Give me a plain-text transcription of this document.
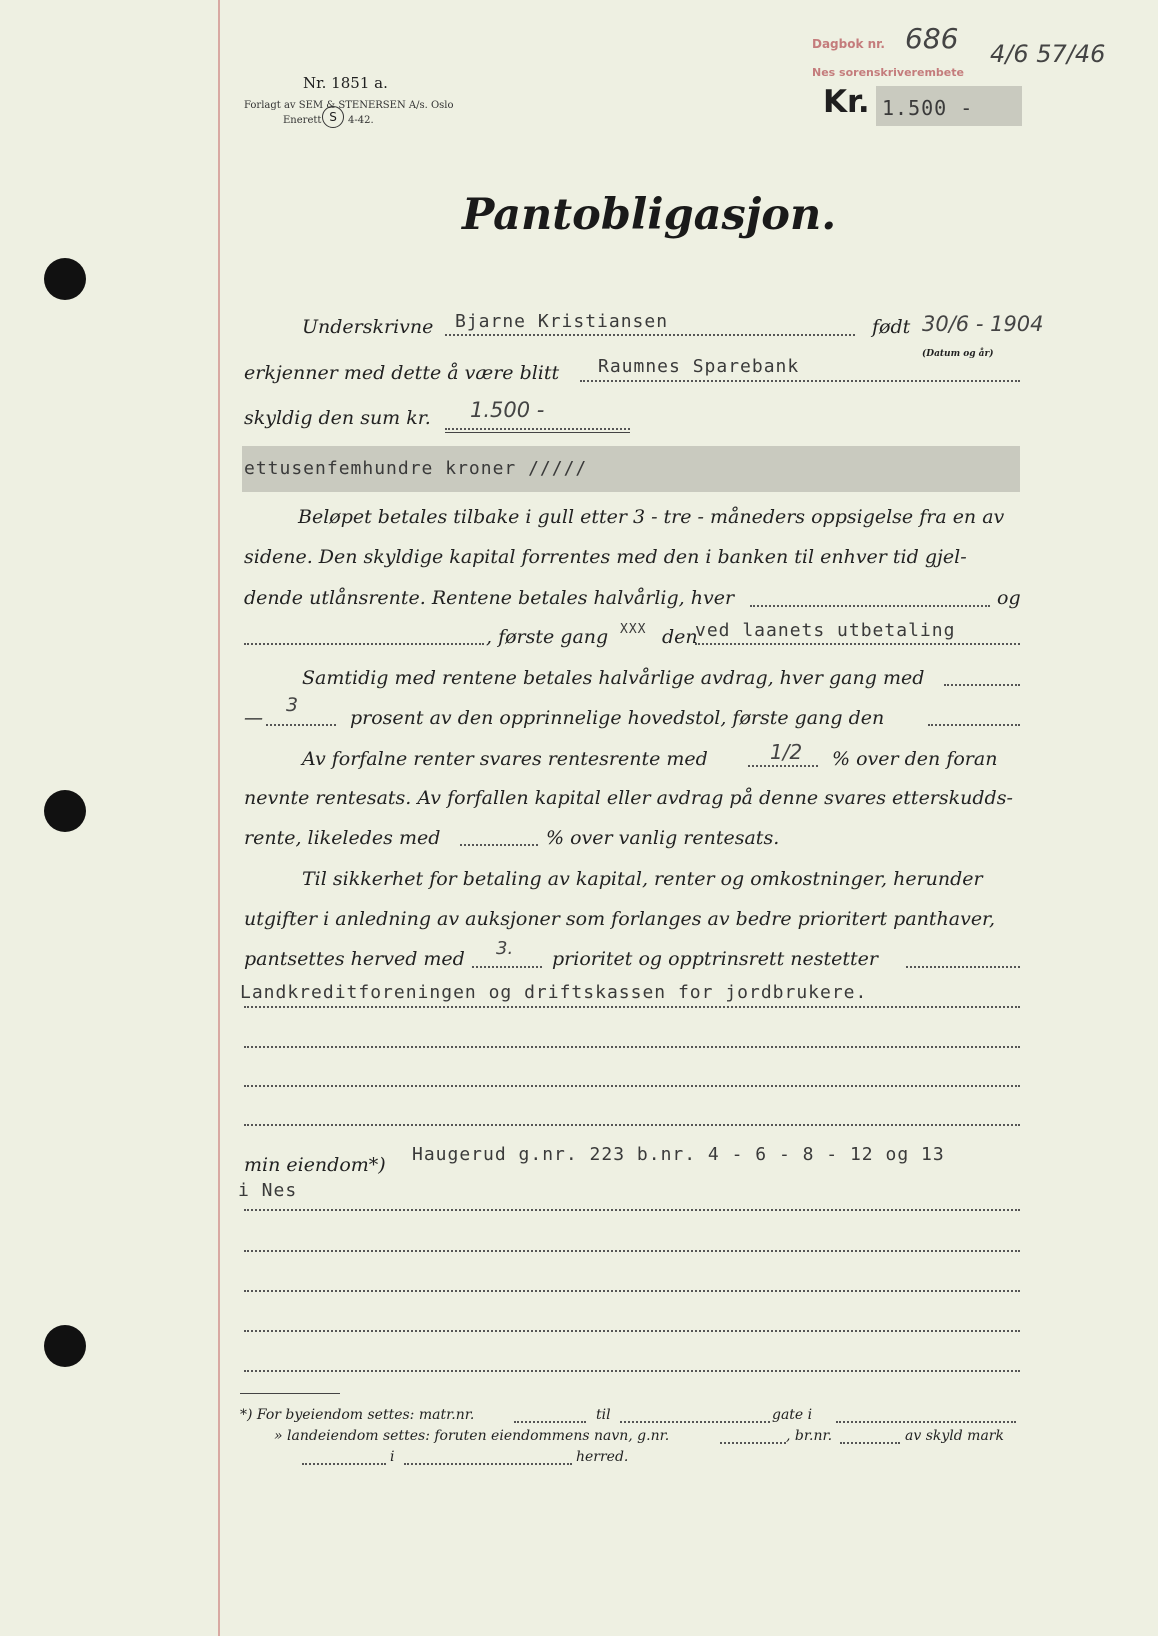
Nr. 1851 a.
Forlagt av SEM & STENERSEN A/s. Oslo
Enerett S	4-42.
Dagbok nr.
Nes sorenskriverembete
686 4/6 57/46
Kr. 1.500 -
Pantobligasjon.
Underskrivne Bjarne Kristiansen	født 30/6 - 1904
(Datum og år)
erkjenner med dette å være blitt Raumnes Sparebank
skyldig den sum kr. 1.500 -
ettusenfemhundre kroner /////
Beløpet betales tilbake i gull etter 3 - tre - måneders oppsigelse fra en av
sidene. Den skyldige kapital forrentes med den i banken til enhver tid gjel-
dende utlånsrente. Rentene betales halvårlig, hver	og
, første gang XXX den
ved laanets utbetaling
Samtidig med rentene betales halvårlige avdrag, hver gang med
—
3
prosent av den opprinnelige hovedstol, første gang den
Av forfalne renter svares rentesrente med	1/2 % over den foran
nevnte rentesats. Av forfallen kapital eller avdrag på denne svares etterskudds-
rente, likeledes med	% over vanlig rentesats.
Til sikkerhet for betaling av kapital, renter og omkostninger, herunder
utgifter i anledning av auksjoner som forlanges av bedre prioritert panthaver,
pantsettes herved med 3. prioritet og opptrinsrett nestetter
Landkreditforeningen og driftskassen for jordbrukere.
Haugerud g.nr. 223 b.nr. 4 - 6 - 8 - 12 og 13
min eiendom*)
i Nes
*) For byeiendom settes: matr.nr.	til	gate i
» landeiendom settes: foruten eiendommens navn, g.nr.	, br.nr.	av skyld mark
i	herred.
